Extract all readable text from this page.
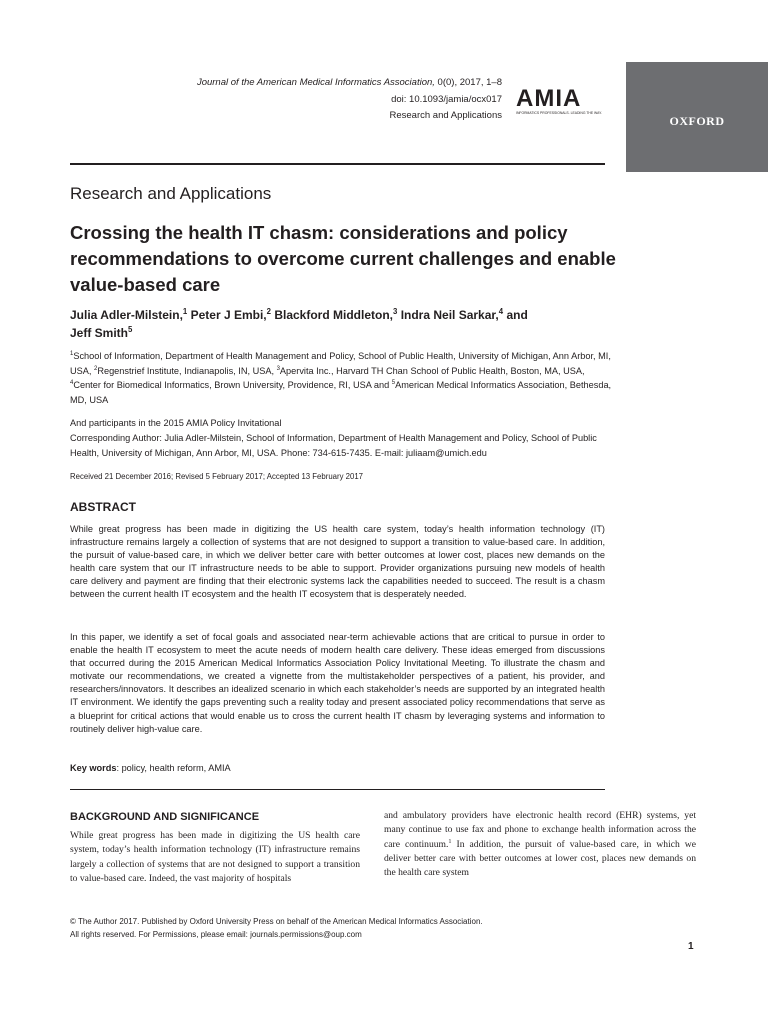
Journal of the American Medical Informatics Association, 0(0), 2017, 1–8
doi: 10.1093/jamia/ocx017
Research and Applications
AMIA
INFORMATICS PROFESSIONALS. LEADING THE WAY.
OXFORD
Research and Applications
Crossing the health IT chasm: considerations and policy recommendations to overcome current challenges and enable value-based care
Julia Adler-Milstein,$^1$ Peter J Embi,$^2$ Blackford Middleton,$^3$ Indra Neil Sarkar,$^4$ and
Jeff Smith$^5$
$^1$School of Information, Department of Health Management and Policy, School of Public Health, University of Michigan, Ann Arbor, MI, USA, $^2$Regenstrief Institute, Indianapolis, IN, USA, $^3$Apervita Inc., Harvard TH Chan School of Public Health, Boston, MA, USA, $^4$Center for Biomedical Informatics, Brown University, Providence, RI, USA and $^5$American Medical Informatics Association, Bethesda, MD, USA
And participants in the 2015 AMIA Policy Invitational
Corresponding Author: Julia Adler-Milstein, School of Information, Department of Health Management and Policy, School of Public Health, University of Michigan, Ann Arbor, MI, USA. Phone: 734-615-7435. E-mail: juliaam@umich.edu
Received 21 December 2016; Revised 5 February 2017; Accepted 13 February 2017
ABSTRACT
While great progress has been made in digitizing the US health care system, today’s health information technology (IT) infrastructure remains largely a collection of systems that are not designed to support a transition to value-based care. In addition, the pursuit of value-based care, in which we deliver better care with better outcomes at lower cost, places new demands on the health care system that our IT infrastructure needs to be able to support. Provider organizations pursuing new models of health care delivery and payment are finding that their electronic systems lack the capabilities needed to succeed. The result is a chasm between the current health IT ecosystem and the health IT ecosystem that is desperately needed.
In this paper, we identify a set of focal goals and associated near-term achievable actions that are critical to pursue in order to enable the health IT ecosystem to meet the acute needs of modern health care delivery. These ideas emerged from discussions that occurred during the 2015 American Medical Informatics Association Policy Invitational Meeting. To illustrate the chasm and motivate our recommendations, we created a vignette from the multistakeholder perspectives of a patient, his provider, and researchers/innovators. It describes an idealized scenario in which each stakeholder’s needs are supported by an integrated health IT environment. We identify the gaps preventing such a reality today and present associated policy recommendations that serve as a blueprint for critical actions that would enable us to cross the current health IT chasm by leveraging systems and information to routinely deliver high-value care.
Key words: policy, health reform, AMIA
BACKGROUND AND SIGNIFICANCE
While great progress has been made in digitizing the US health care system, today’s health information technology (IT) infrastructure remains largely a collection of systems that are not designed to support a transition to value-based care. Indeed, the vast majority of hospitals
and ambulatory providers have electronic health record (EHR) systems, yet many continue to use fax and phone to exchange health information across the care continuum.$^1$ In addition, the pursuit of value-based care, in which we deliver better care with better outcomes at lower cost, places new demands on the health care system
© The Author 2017. Published by Oxford University Press on behalf of the American Medical Informatics Association.
All rights reserved. For Permissions, please email: journals.permissions@oup.com
1
